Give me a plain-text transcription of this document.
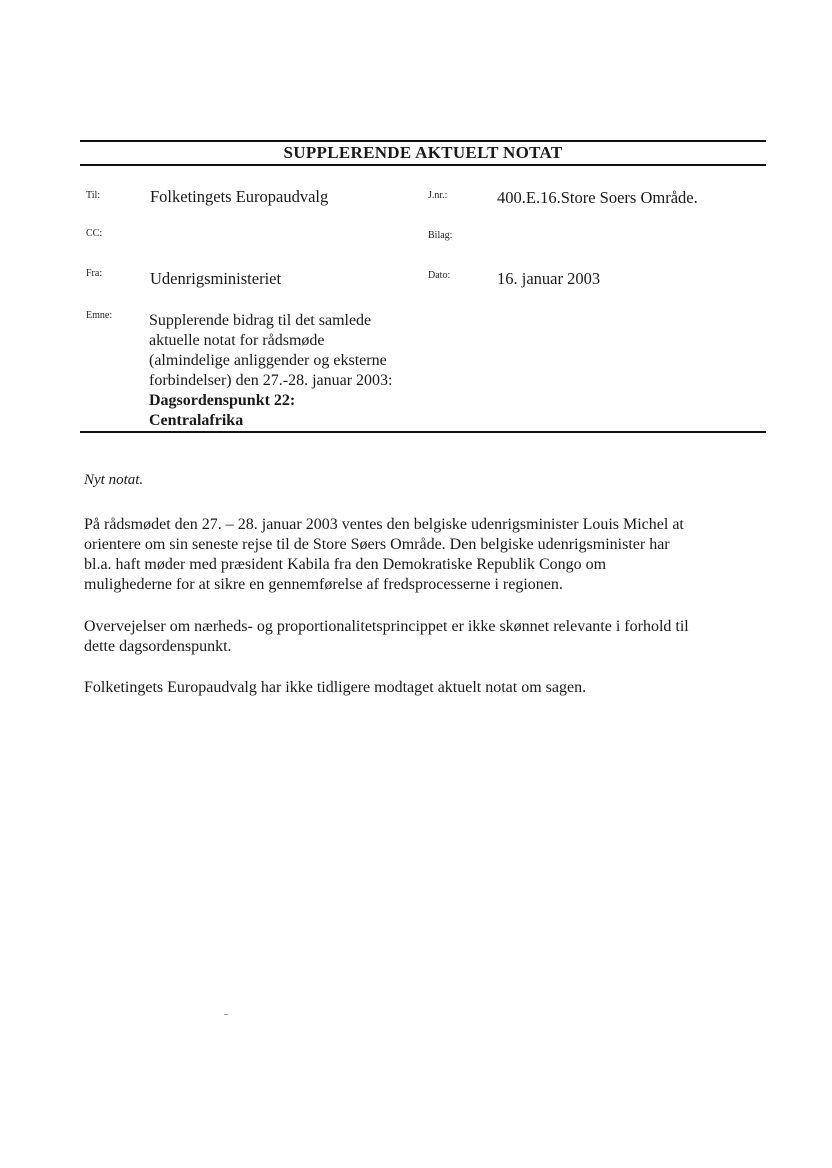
SUPPLERENDE AKTUELT NOTAT
Til:	Folketingets Europaudvalg	J.nr.:	400.E.16.Store Soers Område.
CC:	Bilag:
Fra:	Udenrigsministeriet	Dato:	16. januar 2003
Emne: Supplerende bidrag til det samlede
aktuelle notat for rådsmøde
(almindelige anliggender og eksterne
forbindelser) den 27.-28. januar 2003:
Dagsordenspunkt 22:
Centralafrika
Nyt notat.

På rådsmødet den 27. – 28. januar 2003 ventes den belgiske udenrigsminister Louis Michel at

orientere om sin seneste rejse til de Store Søers Område. Den belgiske udenrigsminister har

bl.a. haft møder med præsident Kabila fra den Demokratiske Republik Congo om

mulighederne for at sikre en gennemførelse af fredsprocesserne i regionen.

Overvejelser om nærheds- og proportionalitetsprincippet er ikke skønnet relevante i forhold til

dette dagsordenspunkt.

Folketingets Europaudvalg har ikke tidligere modtaget aktuelt notat om sagen.
